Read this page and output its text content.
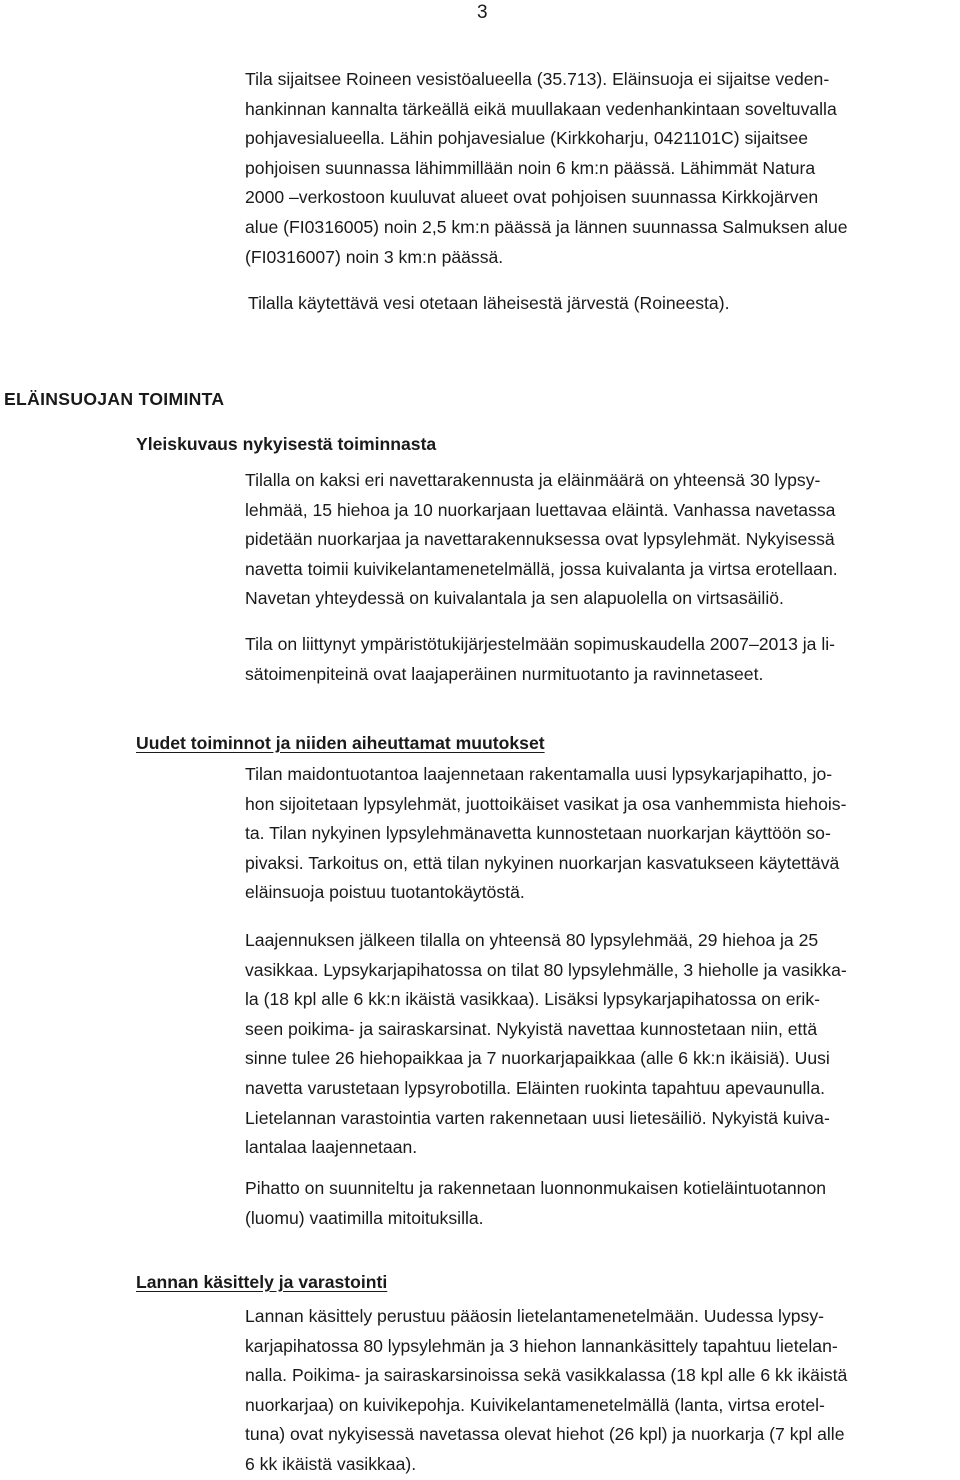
3
Tila sijaitsee Roineen vesistöalueella (35.713). Eläinsuoja ei sijaitse veden-
hankinnan kannalta tärkeällä eikä muullakaan vedenhankintaan soveltuvalla
pohjavesialueella. Lähin pohjavesialue (Kirkkoharju, 0421101C) sijaitsee
pohjoisen suunnassa lähimmillään noin 6 km:n päässä. Lähimmät Natura
2000 –verkostoon kuuluvat alueet ovat pohjoisen suunnassa Kirkkojärven
alue (FI0316005) noin 2,5 km:n päässä ja lännen suunnassa Salmuksen alue
(FI0316007) noin 3 km:n päässä.
Tilalla käytettävä vesi otetaan läheisestä järvestä (Roineesta).
ELÄINSUOJAN TOIMINTA
Yleiskuvaus nykyisestä toiminnasta
Tilalla on kaksi eri navettarakennusta ja eläinmäärä on yhteensä 30 lypsy-
lehmää, 15 hiehoa ja 10 nuorkarjaan luettavaa eläintä. Vanhassa navetassa
pidetään nuorkarjaa ja navettarakennuksessa ovat lypsylehmät. Nykyisessä
navetta toimii kuivikelantamenetelmällä, jossa kuivalanta ja virtsa erotellaan.
Navetan yhteydessä on kuivalantala ja sen alapuolella on virtsasäiliö.
Tila on liittynyt ympäristötukijärjestelmään sopimuskaudella 2007–2013 ja li-
sätoimenpiteinä ovat laajaperäinen nurmituotanto ja ravinnetaseet.
Uudet toiminnot ja niiden aiheuttamat muutokset
Tilan maidontuotantoa laajennetaan rakentamalla uusi lypsykarjapihatto, jo-
hon sijoitetaan lypsylehmät, juottoikäiset vasikat ja osa vanhemmista hiehois-
ta. Tilan nykyinen lypsylehmänavetta kunnostetaan nuorkarjan käyttöön so-
pivaksi. Tarkoitus on, että tilan nykyinen nuorkarjan kasvatukseen käytettävä
eläinsuoja poistuu tuotantokäytöstä.
Laajennuksen jälkeen tilalla on yhteensä 80 lypsylehmää, 29 hiehoa ja 25
vasikkaa. Lypsykarjapihatossa on tilat 80 lypsylehmälle, 3 hieholle ja vasikka-
la (18 kpl alle 6 kk:n ikäistä vasikkaa). Lisäksi lypsykarjapihatossa on erik-
seen poikima- ja sairaskarsinat. Nykyistä navettaa kunnostetaan niin, että
sinne tulee 26 hiehopaikkaa ja 7 nuorkarjapaikkaa (alle 6 kk:n ikäisiä). Uusi
navetta varustetaan lypsyrobotilla. Eläinten ruokinta tapahtuu apevaunulla.
Lietelannan varastointia varten rakennetaan uusi lietesäiliö. Nykyistä kuiva-
lantalaa laajennetaan.
Pihatto on suunniteltu ja rakennetaan luonnonmukaisen kotieläintuotannon
(luomu) vaatimilla mitoituksilla.
Lannan käsittely ja varastointi
Lannan käsittely perustuu pääosin lietelantamenetelmään. Uudessa lypsy-
karjapihatossa 80 lypsylehmän ja 3 hiehon lannankäsittely tapahtuu lietelan-
nalla. Poikima- ja sairaskarsinoissa sekä vasikkalassa (18 kpl alle 6 kk ikäistä
nuorkarjaa) on kuivikepohja. Kuivikelantamenetelmällä (lanta, virtsa erotel-
tuna) ovat nykyisessä navetassa olevat hiehot (26 kpl) ja nuorkarja (7 kpl alle
6 kk ikäistä vasikkaa).
